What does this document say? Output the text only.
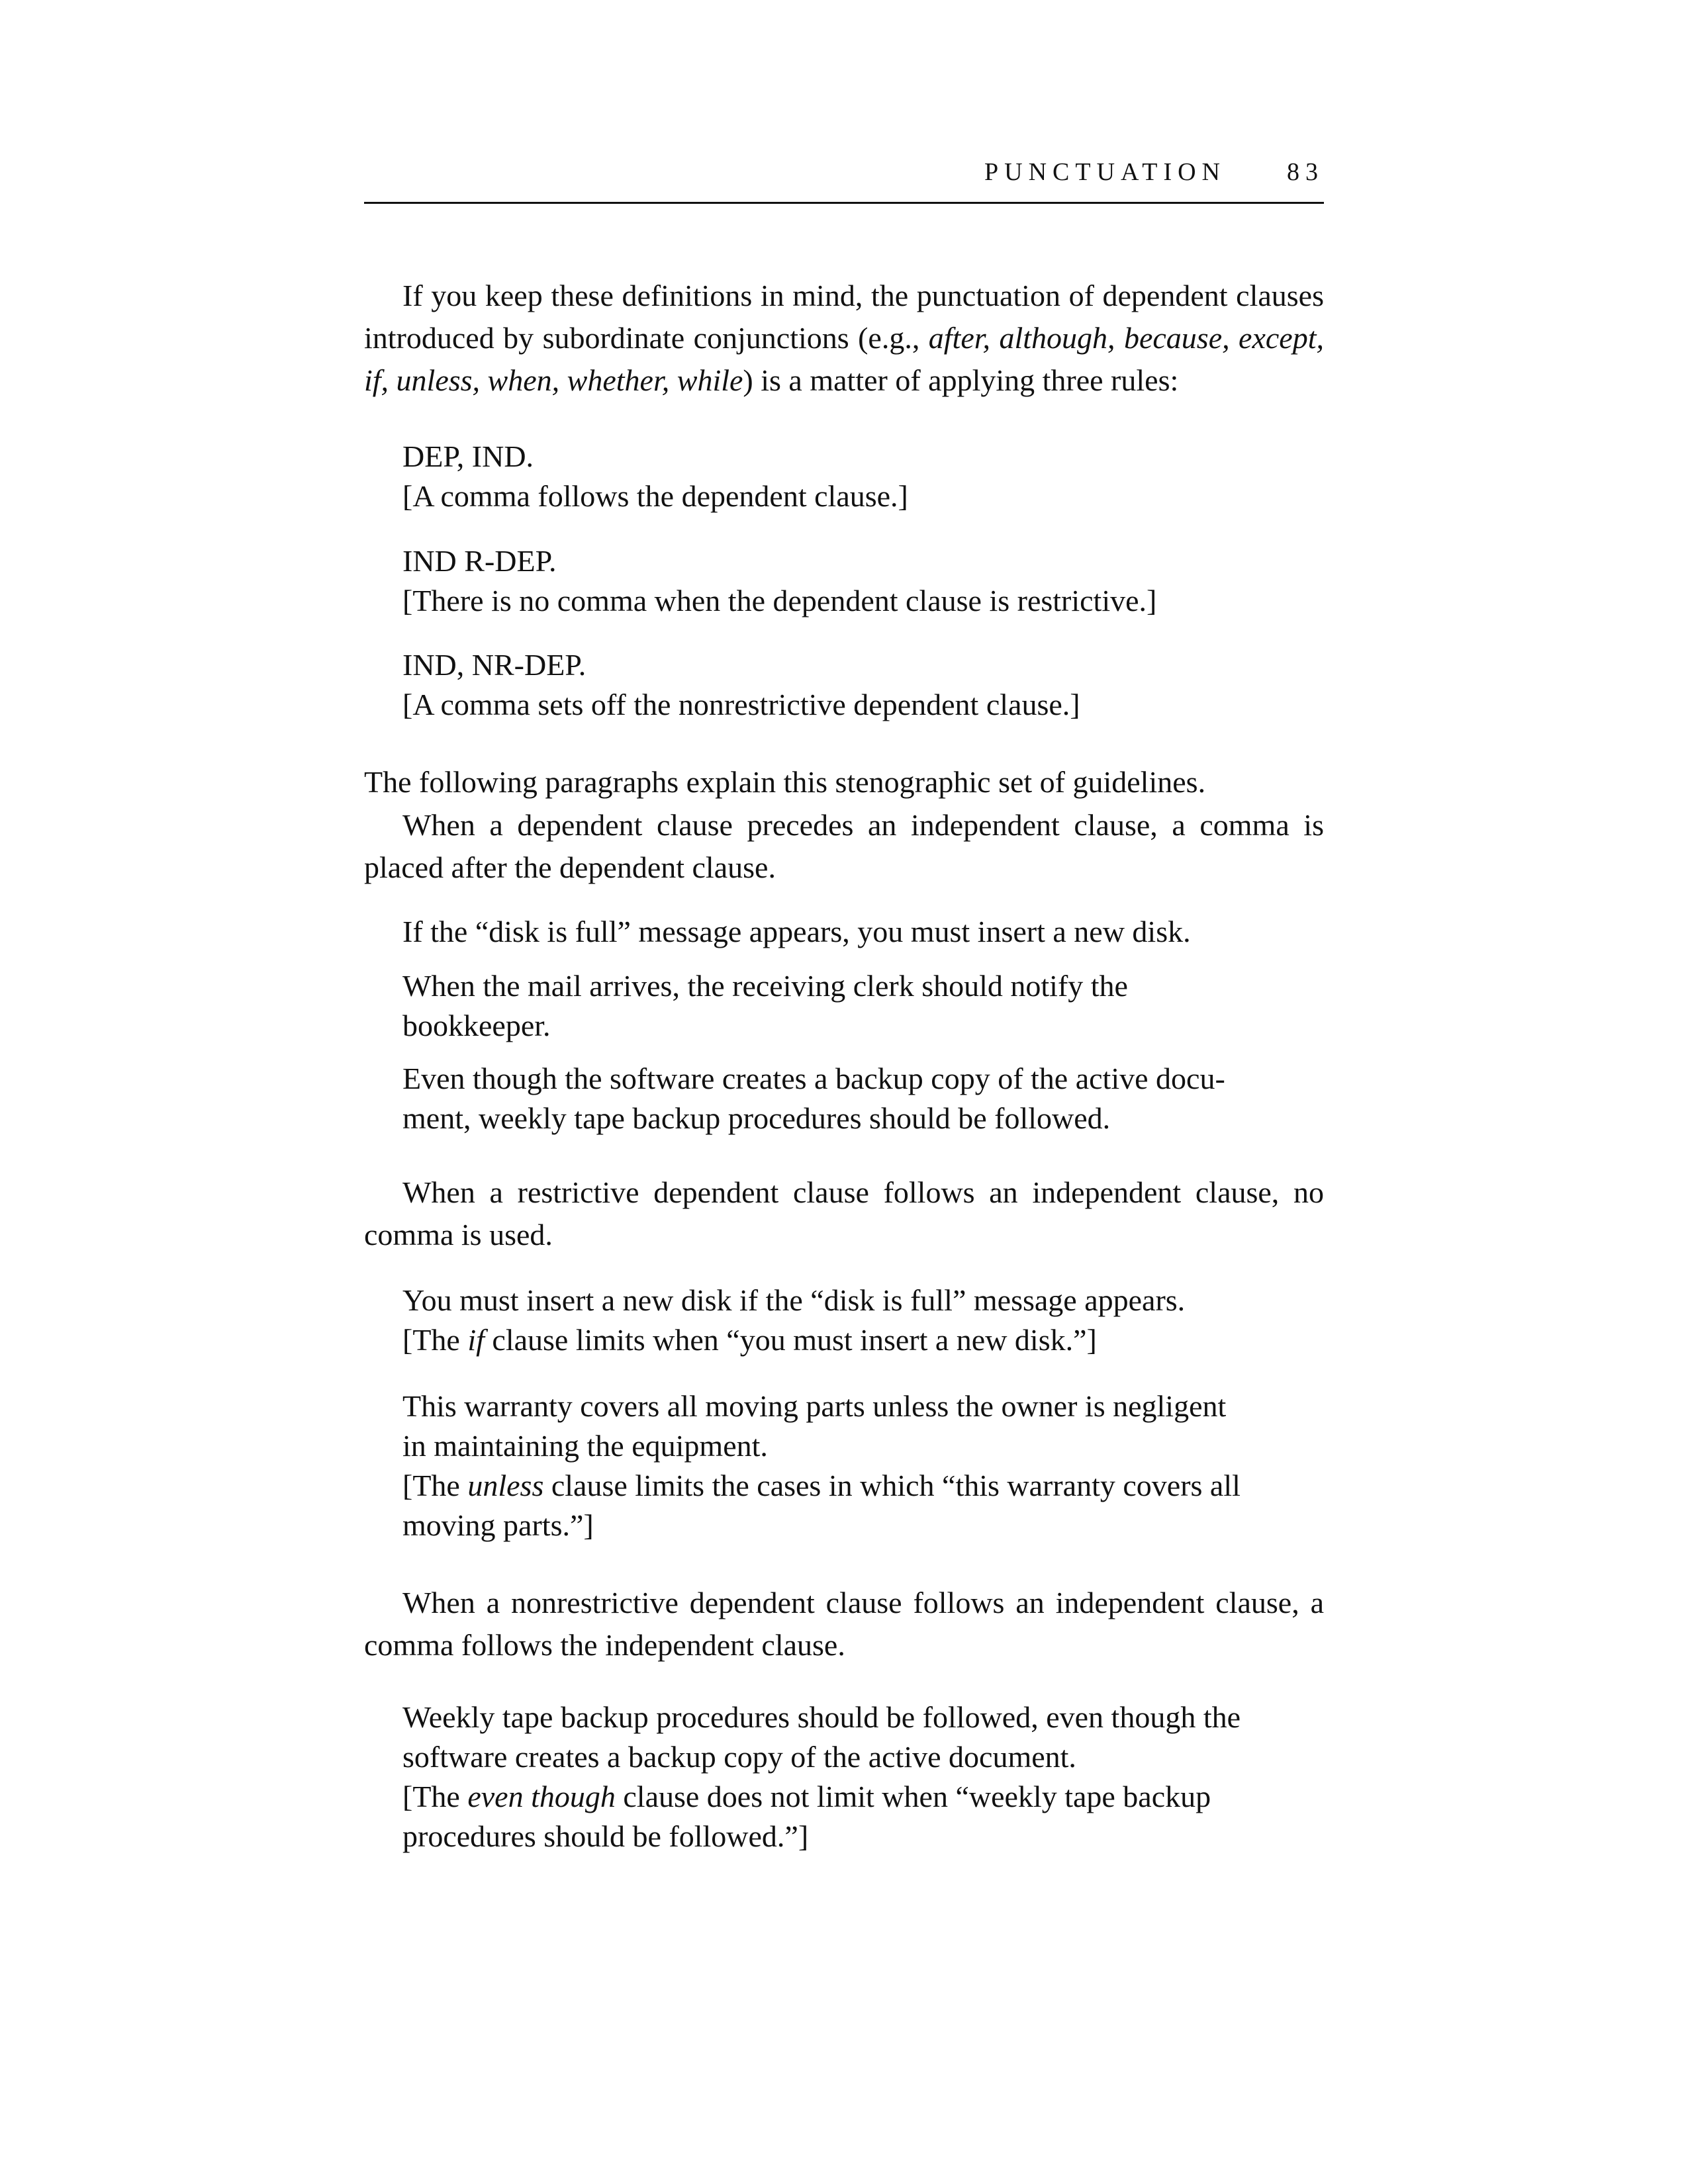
PUNCTUATION 83
If you keep these definitions in mind, the punctuation of dependent clauses introduced by subordinate conjunctions (e.g., after, although, because, except, if, unless, when, whether, while) is a matter of applying three rules:
DEP, IND.
[A comma follows the dependent clause.]
IND R-DEP.
[There is no comma when the dependent clause is restrictive.]
IND, NR-DEP.
[A comma sets off the nonrestrictive dependent clause.]
The following paragraphs explain this stenographic set of guidelines.
When a dependent clause precedes an independent clause, a comma is placed after the dependent clause.
If the “disk is full” message appears, you must insert a new disk.
When the mail arrives, the receiving clerk should notify the
bookkeeper.
Even though the software creates a backup copy of the active docu-
ment, weekly tape backup procedures should be followed.
When a restrictive dependent clause follows an independent clause, no comma is used.
You must insert a new disk if the “disk is full” message appears.
[The if clause limits when “you must insert a new disk.”]
This warranty covers all moving parts unless the owner is negligent
in maintaining the equipment.
[The unless clause limits the cases in which “this warranty covers all
moving parts.”]
When a nonrestrictive dependent clause follows an independent clause, a comma follows the independent clause.
Weekly tape backup procedures should be followed, even though the
software creates a backup copy of the active document.
[The even though clause does not limit when “weekly tape backup
procedures should be followed.”]
